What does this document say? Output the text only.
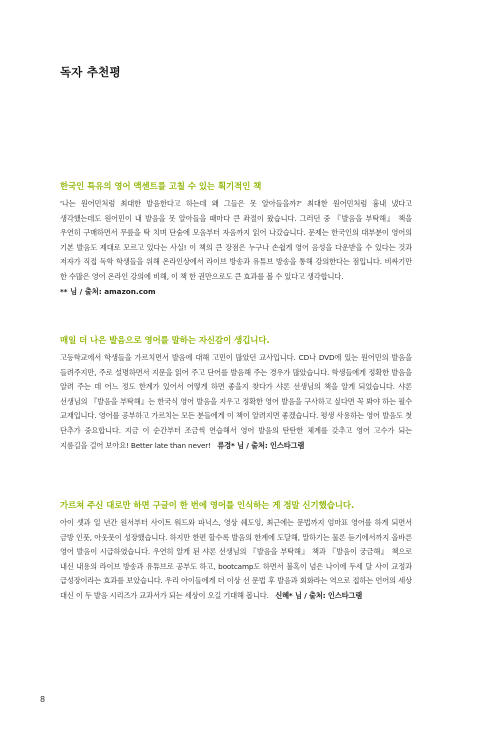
독자 추천평
한국인 특유의 영어 액센트를 고칠 수 있는 획기적인 책

'나는 원어민처럼 최대한 발음한다고 하는데 왜 그들은 못 알아들을까?' 최대한 원어민처럼 흉내 냈다고 생각했는데도 원어민이 내 발음을 못 알아들을 때마다 큰 좌절이 왔습니다. 그러던 중 『발음을 부탁해』 책을 우연히 구매하면서 무릎을 탁 치며 단숨에 모음부터 자음까지 읽어 나갔습니다. 문제는 한국인의 대부분이 영어의 기본 발음도 제대로 모르고 있다는 사실! 이 책의 큰 장점은 누구나 손쉽게 영어 음성을 다운받을 수 있다는 것과 저자가 직접 독학 학생들을 위해 온라인상에서 라이브 방송과 유튜브 방송을 통해 강의한다는 점입니다. 비싸기만 한 수많은 영어 온라인 강의에 비해, 이 책 한 권만으로도 큰 효과를 볼 수 있다고 생각합니다.

** 님 / 출처: amazon.com
매일 더 나은 발음으로 영어를 말하는 자신감이 생깁니다.

고등학교에서 학생들을 가르치면서 발음에 대해 고민이 많았던 교사입니다. CD나 DVD에 있는 원어민의 발음을 들려주지만, 주로 설명하면서 지문을 읽어 주고 단어를 발음해 주는 경우가 많았습니다. 학생들에게 정확한 발음을 알려 주는 데 어느 정도 한계가 있어서 어떻게 하면 좋을지 찾다가 샤론 선생님의 책을 알게 되었습니다. 샤론 선생님의 『발음을 부탁해』는 한국식 영어 발음을 지우고 정확한 영어 발음을 구사하고 싶다면 꼭 봐야 하는 필수 교재입니다. 영어를 공부하고 가르치는 모든 분들에게 이 책이 알려지면 좋겠습니다. 평생 사용하는 영어 발음도 첫 단추가 중요합니다. 지금 이 순간부터 조금씩 연습해서 영어 발음의 탄탄한 체계를 갖추고 영어 고수가 되는 지름길을 걸어 보아요! Better late than never! 류경* 님 / 출처: 인스타그램

가르쳐 주신 대로만 하면 구글이 한 번에 영어를 인식하는 게 정말 신기했습니다.

아이 셋과 일 년간 원서부터 사이트 워드와 파닉스, 영상 쉐도잉, 최근에는 문법까지 엄마표 영어를 하게 되면서 금방 인풋, 아웃풋이 성장했습니다. 하지만 한편 할수록 발음의 한계에 도달해, 말하기는 물론 듣기에서까지 올바른 영어 발음이 시급하였습니다. 우연히 알게 된 샤론 선생님의 『발음을 부탁해』 책과 『발음이 궁금해』 책으로 내신 내용의 라이브 방송과 유튜브로 공부도 하고, bootcamp도 하면서 불혹이 넘은 나이에 두세 달 사이 교정과 급성장이라는 효과를 보았습니다. 우리 아이들에게 더 이상 선 문법 후 발음과 회화라는 역으로 접하는 언어의 세상 대신 이 두 발음 시리즈가 교과서가 되는 세상이 오길 기대해 봅니다. 신혜* 님 / 출처: 인스타그램

8
